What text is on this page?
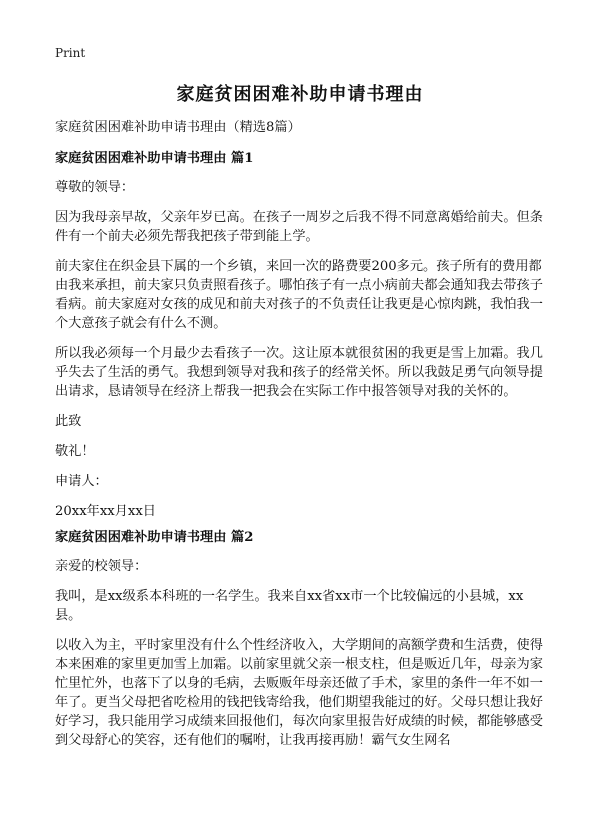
Print
家庭贫困困难补助申请书理由

家庭贫困困难补助申请书理由（精选8篇）

家庭贫困困难补助申请书理由 篇1

尊敬的领导：

因为我母亲早故，父亲年岁已高。在孩子一周岁之后我不得不同意离婚给前夫。但条件有一个前夫必须先帮我把孩子带到能上学。

前夫家住在织金县下属的一个乡镇，来回一次的路费要200多元。孩子所有的费用都由我来承担，前夫家只负责照看孩子。哪怕孩子有一点小病前夫都会通知我去带孩子看病。前夫家庭对女孩的成见和前夫对孩子的不负责任让我更是心惊肉跳，我怕我一个大意孩子就会有什么不测。

所以我必须每一个月最少去看孩子一次。这让原本就很贫困的我更是雪上加霜。我几乎失去了生活的勇气。我想到领导对我和孩子的经常关怀。所以我鼓足勇气向领导提出请求，恳请领导在经济上帮我一把我会在实际工作中报答领导对我的关怀的。

此致

敬礼！

申请人：

20xx年xx月xx日

家庭贫困困难补助申请书理由 篇2

亲爱的校领导：

我叫，是xx级系本科班的一名学生。我来自xx省xx市一个比较偏远的小县城，xx县。

以收入为主，平时家里没有什么个性经济收入，大学期间的高额学费和生活费，使得本来困难的家里更加雪上加霜。以前家里就父亲一根支柱，但是贩近几年，母亲为家忙里忙外，也落下了以身的毛病，去贩贩年母亲还做了手术，家里的条件一年不如一年了。更当父母把省吃检用的钱把钱寄给我，他们期望我能过的好。父母只想让我好好学习，我只能用学习成绩来回报他们，每次向家里报告好成绩的时候，都能够感受到父母舒心的笑容，还有他们的嘱咐，让我再接再励！霸气女生网名
